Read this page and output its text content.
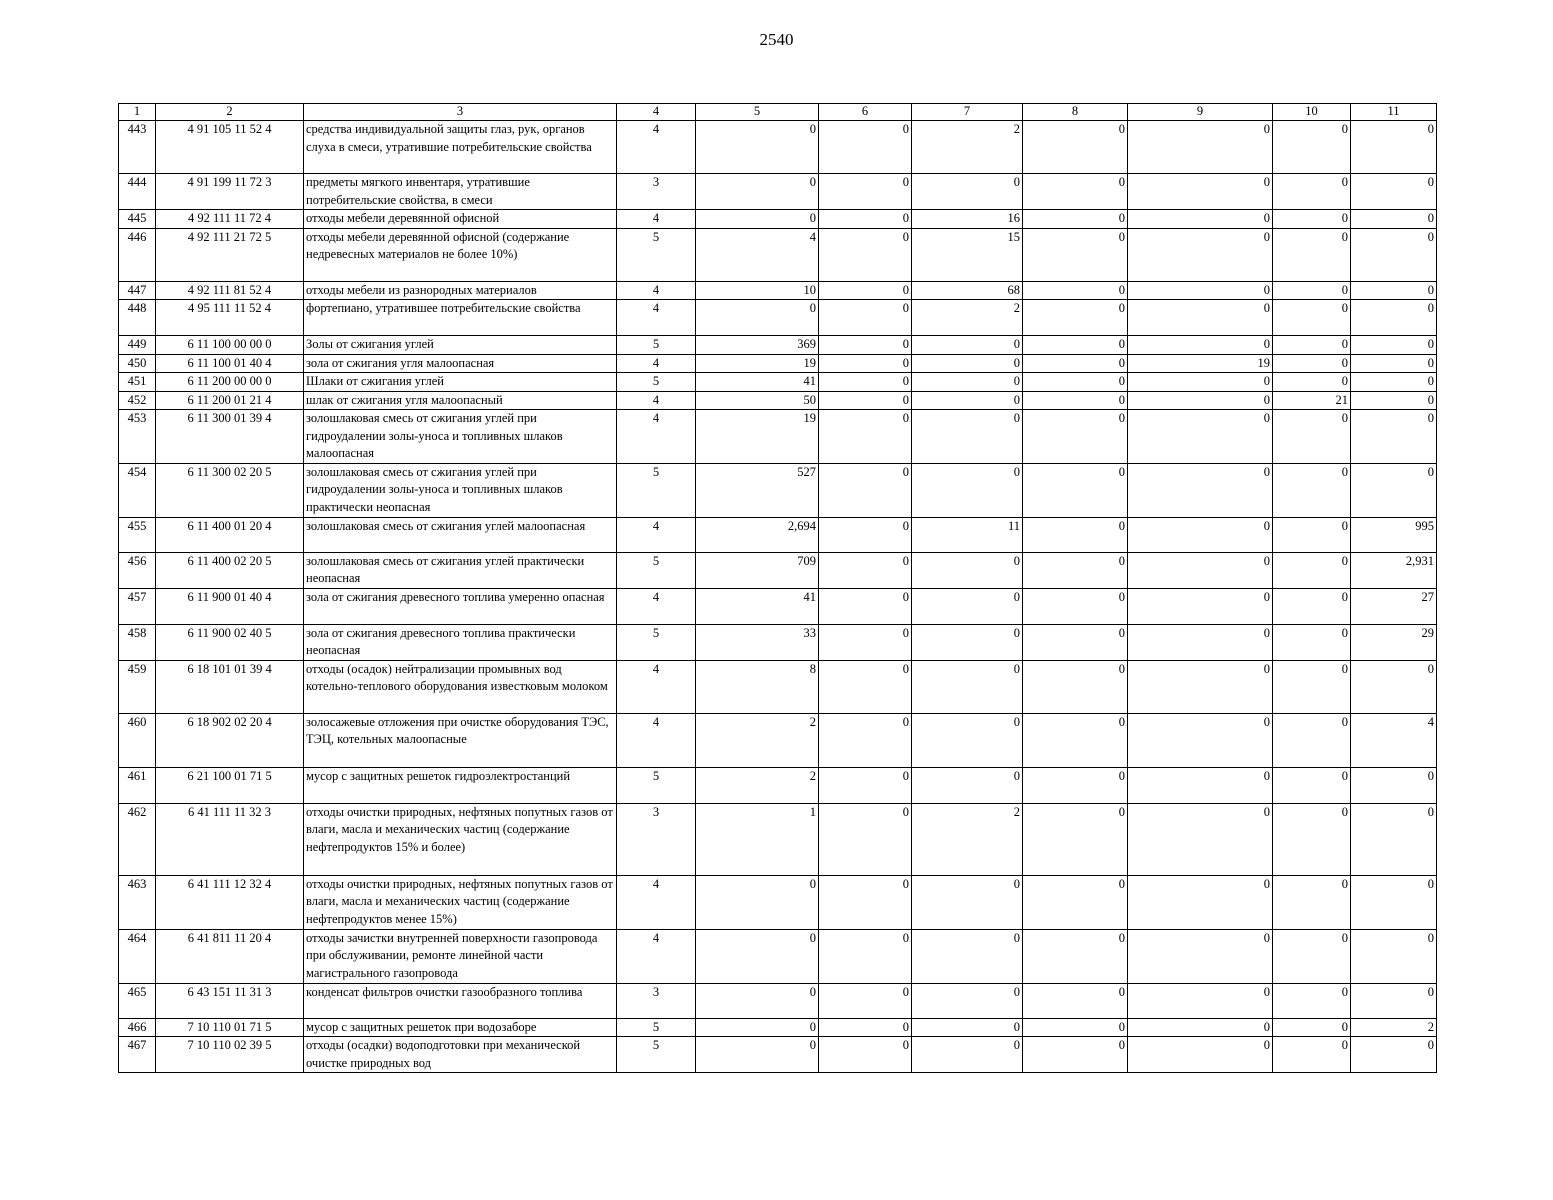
2540
1	2	3	4	5	6	7	8	9	10	11
443	4 91 105 11 52 4	средства индивидуальной защиты глаз, рук, органов слуха в смеси, утратившие потребительские свойства	4	0	0	2	0	0	0	0
444	4 91 199 11 72 3	предметы мягкого инвентаря, утратившие потребительские свойства, в смеси	3	0	0	0	0	0	0	0
445	4 92 111 11 72 4	отходы мебели деревянной офисной	4	0	0	16	0	0	0	0
446	4 92 111 21 72 5	отходы мебели деревянной офисной (содержание недревесных материалов не более 10%)	5	4	0	15	0	0	0	0
447	4 92 111 81 52 4	отходы мебели из разнородных материалов	4	10	0	68	0	0	0	0
448	4 95 111 11 52 4	фортепиано, утратившее потребительские свойства	4	0	0	2	0	0	0	0
449	6 11 100 00 00 0	Золы от сжигания углей	5	369	0	0	0	0	0	0
450	6 11 100 01 40 4	зола от сжигания угля малоопасная	4	19	0	0	0	19	0	0
451	6 11 200 00 00 0	Шлаки от сжигания углей	5	41	0	0	0	0	0	0
452	6 11 200 01 21 4	шлак от сжигания угля малоопасный	4	50	0	0	0	0	21	0
453	6 11 300 01 39 4	золошлаковая смесь от сжигания углей при гидроудалении золы-уноса и топливных шлаков малоопасная	4	19	0	0	0	0	0	0
454	6 11 300 02 20 5	золошлаковая смесь от сжигания углей при гидроудалении золы-уноса и топливных шлаков практически неопасная	5	527	0	0	0	0	0	0
455	6 11 400 01 20 4	золошлаковая смесь от сжигания углей малоопасная	4	2,694	0	11	0	0	0	995
456	6 11 400 02 20 5	золошлаковая смесь от сжигания углей практически неопасная	5	709	0	0	0	0	0	2,931
457	6 11 900 01 40 4	зола от сжигания древесного топлива умеренно опасная	4	41	0	0	0	0	0	27
458	6 11 900 02 40 5	зола от сжигания древесного топлива практически неопасная	5	33	0	0	0	0	0	29
459	6 18 101 01 39 4	отходы (осадок) нейтрализации промывных вод котельно-теплового оборудования известковым молоком	4	8	0	0	0	0	0	0
460	6 18 902 02 20 4	золосажевые отложения при очистке оборудования ТЭС, ТЭЦ, котельных малоопасные	4	2	0	0	0	0	0	4
461	6 21 100 01 71 5	мусор с защитных решеток гидроэлектростанций	5	2	0	0	0	0	0	0
462	6 41 111 11 32 3	отходы очистки природных, нефтяных попутных газов от влаги, масла и механических частиц (содержание нефтепродуктов 15% и более)	3	1	0	2	0	0	0	0
463	6 41 111 12 32 4	отходы очистки природных, нефтяных попутных газов от влаги, масла и механических частиц (содержание нефтепродуктов менее 15%)	4	0	0	0	0	0	0	0
464	6 41 811 11 20 4	отходы зачистки внутренней поверхности газопровода при обслуживании, ремонте линейной части магистрального газопровода	4	0	0	0	0	0	0	0
465	6 43 151 11 31 3	конденсат фильтров очистки газообразного топлива	3	0	0	0	0	0	0	0
466	7 10 110 01 71 5	мусор с защитных решеток при водозаборе	5	0	0	0	0	0	0	2
467	7 10 110 02 39 5	отходы (осадки) водоподготовки при механической очистке природных вод	5	0	0	0	0	0	0	0
